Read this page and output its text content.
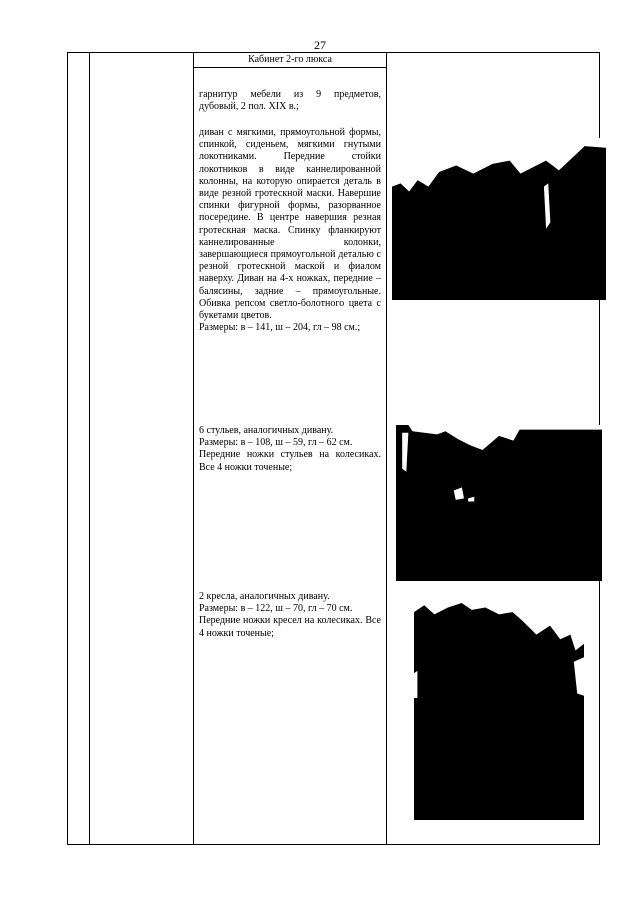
27
Кабинет 2-го люкса

гарнитур мебели из 9 предметов, дубовый, 2 пол. XIX в.;

диван с мягкими, прямоугольной формы, спинкой, сиденьем, мягкими гнутыми локотниками. Передние стойки локотников в виде каннелированной колонны, на которую опирается деталь в виде резной гротескной маски. Навершие спинки фигурной формы, разорванное посередине. В центре навершия резная гротескная маска. Спинку фланкируют каннелированные колонки, завершающиеся прямоугольной деталью с резной гротескной маской и фиалом наверху. Диван на 4-х ножках, передние – балясины, задние – прямоугольные. Обивка репсом светло-болотного цвета с букетами цветов.

Размеры: в – 141, ш – 204, гл – 98 см.;

6 стульев, аналогичных дивану.

Размеры: в – 108, ш – 59, гл – 62 см.

Передние ножки стульев на колесиках. Все 4 ножки точеные;

2 кресла, аналогичных дивану.

Размеры: в – 122, ш – 70, гл – 70 см.

Передние ножки кресел на колесиках. Все 4 ножки точеные;
